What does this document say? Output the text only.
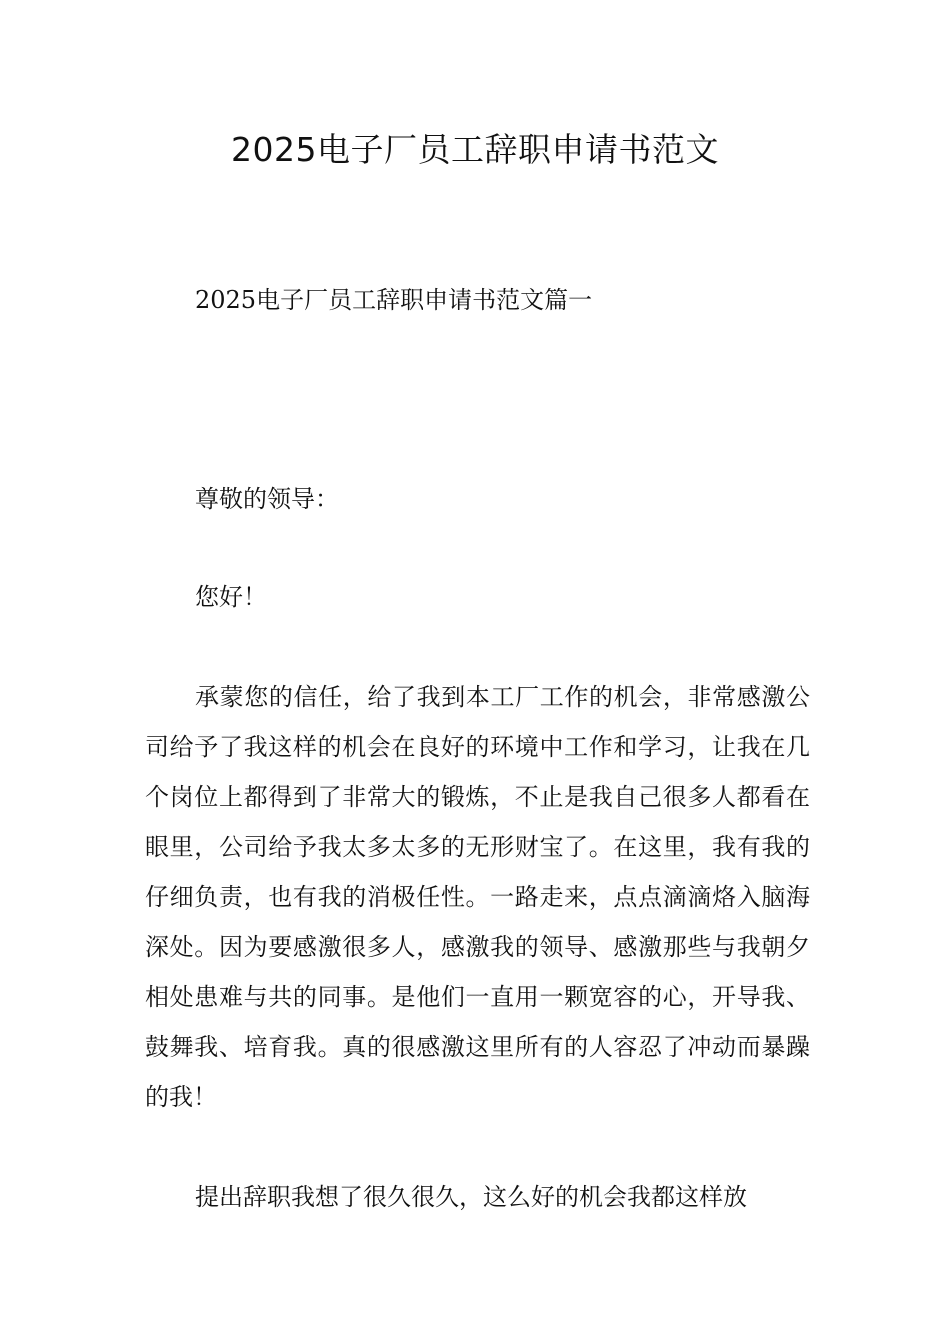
2025电子厂员工辞职申请书范文

2025电子厂员工辞职申请书范文篇一

尊敬的领导：

您好！

承蒙您的信任，给了我到本工厂工作的机会，非常感激公司给予了我这样的机会在良好的环境中工作和学习，让我在几个岗位上都得到了非常大的锻炼，不止是我自己很多人都看在眼里，公司给予我太多太多的无形财宝了。在这里，我有我的仔细负责，也有我的消极任性。一路走来，点点滴滴烙入脑海深处。因为要感激很多人，感激我的领导、感激那些与我朝夕相处患难与共的同事。是他们一直用一颗宽容的心，开导我、鼓舞我、培育我。真的很感激这里所有的人容忍了冲动而暴躁的我！

提出辞职我想了很久很久，这么好的机会我都这样放
